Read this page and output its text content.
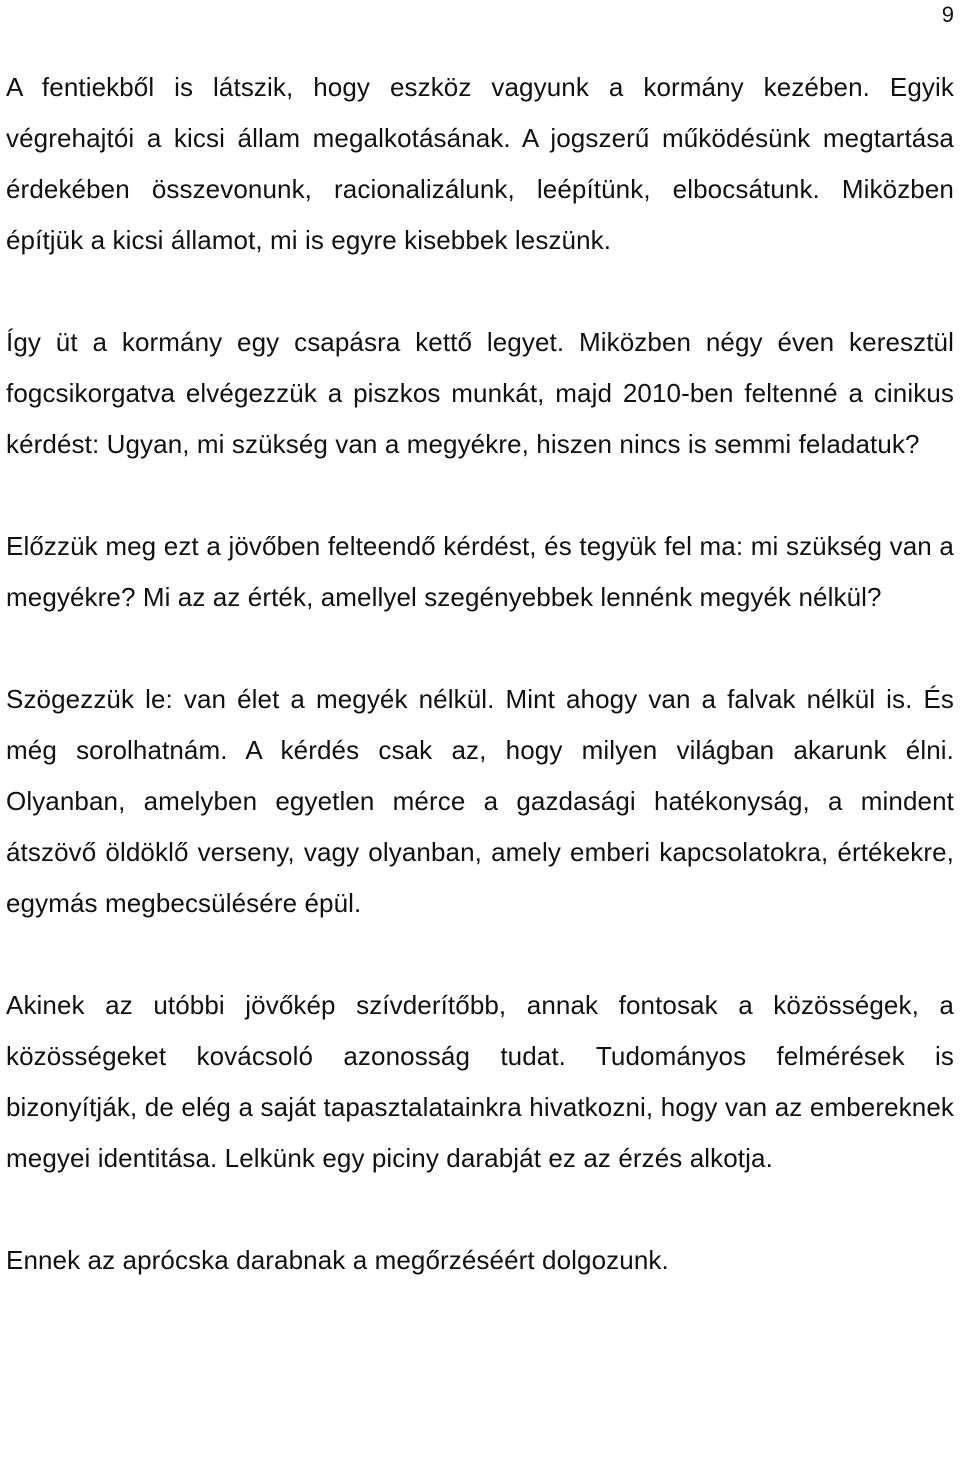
9

A fentiekből is látszik, hogy eszköz vagyunk a kormány kezében. Egyik végrehajtói a kicsi állam megalkotásának. A jogszerű működésünk megtartása érdekében összevonunk, racionalizálunk, leépítünk, elbocsátunk. Miközben építjük a kicsi államot, mi is egyre kisebbek leszünk.

Így üt a kormány egy csapásra kettő legyet. Miközben négy éven keresztül fogcsikorgatva elvégezzük a piszkos munkát, majd 2010-ben feltenné a cinikus kérdést: Ugyan, mi szükség van a megyékre, hiszen nincs is semmi feladatuk?

Előzzük meg ezt a jövőben felteendő kérdést, és tegyük fel ma: mi szükség van a megyékre? Mi az az érték, amellyel szegényebbek lennénk megyék nélkül?

Szögezzük le: van élet a megyék nélkül. Mint ahogy van a falvak nélkül is. És még sorolhatnám. A kérdés csak az, hogy milyen világban akarunk élni. Olyanban, amelyben egyetlen mérce a gazdasági hatékonyság, a mindent átszövő öldöklő verseny, vagy olyanban, amely emberi kapcsolatokra, értékekre, egymás megbecsülésére épül.

Akinek az utóbbi jövőkép szívderítőbb, annak fontosak a közösségek, a közösségeket kovácsoló azonosság tudat. Tudományos felmérések is bizonyítják, de elég a saját tapasztalatainkra hivatkozni, hogy van az embereknek megyei identitása. Lelkünk egy piciny darabját ez az érzés alkotja.

Ennek az aprócska darabnak a megőrzéséért dolgozunk.
